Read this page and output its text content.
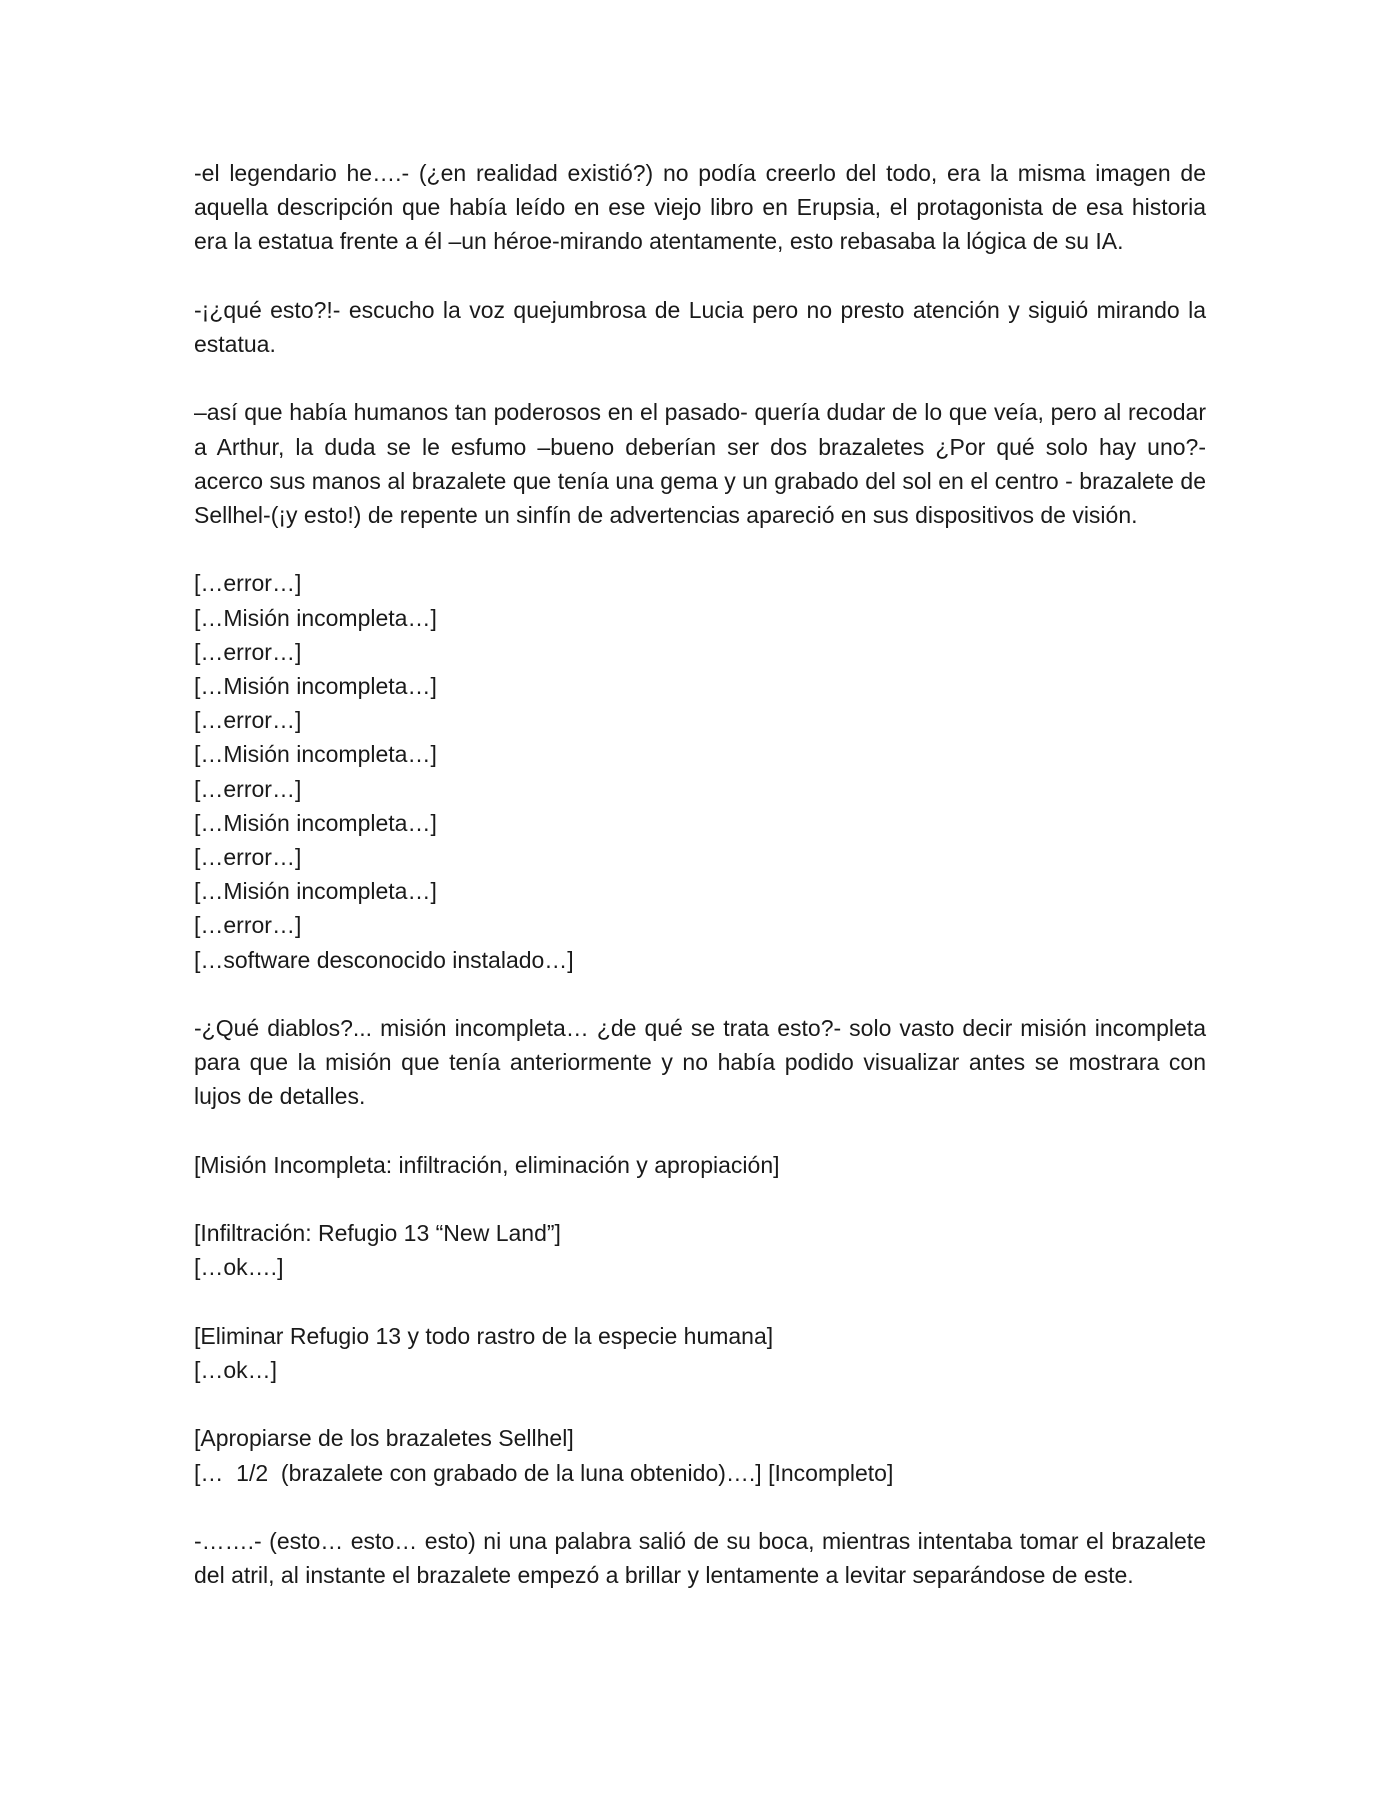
-el legendario he….- (¿en realidad existió?) no podía creerlo del todo, era la misma imagen de aquella descripción que había leído en ese viejo libro en Erupsia, el protagonista de esa historia era la estatua frente a él –un héroe-mirando atentamente, esto rebasaba la lógica de su IA.

-¡¿qué esto?!- escucho la voz quejumbrosa de Lucia pero no presto atención y siguió mirando la estatua.

–así que había humanos tan poderosos en el pasado- quería dudar de lo que veía, pero al recodar a Arthur, la duda se le esfumo –bueno deberían ser dos brazaletes ¿Por qué solo hay uno?- acerco sus manos al brazalete que tenía una gema y un grabado del sol en el centro - brazalete de Sellhel-(¡y esto!) de repente un sinfín de advertencias apareció en sus dispositivos de visión.

[…error…]
[…Misión incompleta…]
[…error…]
[…Misión incompleta…]
[…error…]
[…Misión incompleta…]
[…error…]
[…Misión incompleta…]
[…error…]
[…Misión incompleta…]
[…error…]
[…software desconocido instalado…]

-¿Qué diablos?... misión incompleta… ¿de qué se trata esto?- solo vasto decir misión incompleta para que la misión que tenía anteriormente y no había podido visualizar antes se mostrara con lujos de detalles.

[Misión Incompleta: infiltración, eliminación y apropiación]
[Infiltración: Refugio 13 “New Land”]
[…ok….]
[Eliminar Refugio 13 y todo rastro de la especie humana]
[…ok…]
[Apropiarse de los brazaletes Sellhel]
[…  1/2  (brazalete con grabado de la luna obtenido)….] [Incompleto]

-…….- (esto… esto… esto) ni una palabra salió de su boca, mientras intentaba tomar el brazalete del atril, al instante el brazalete empezó a brillar y lentamente a levitar separándose de este.
